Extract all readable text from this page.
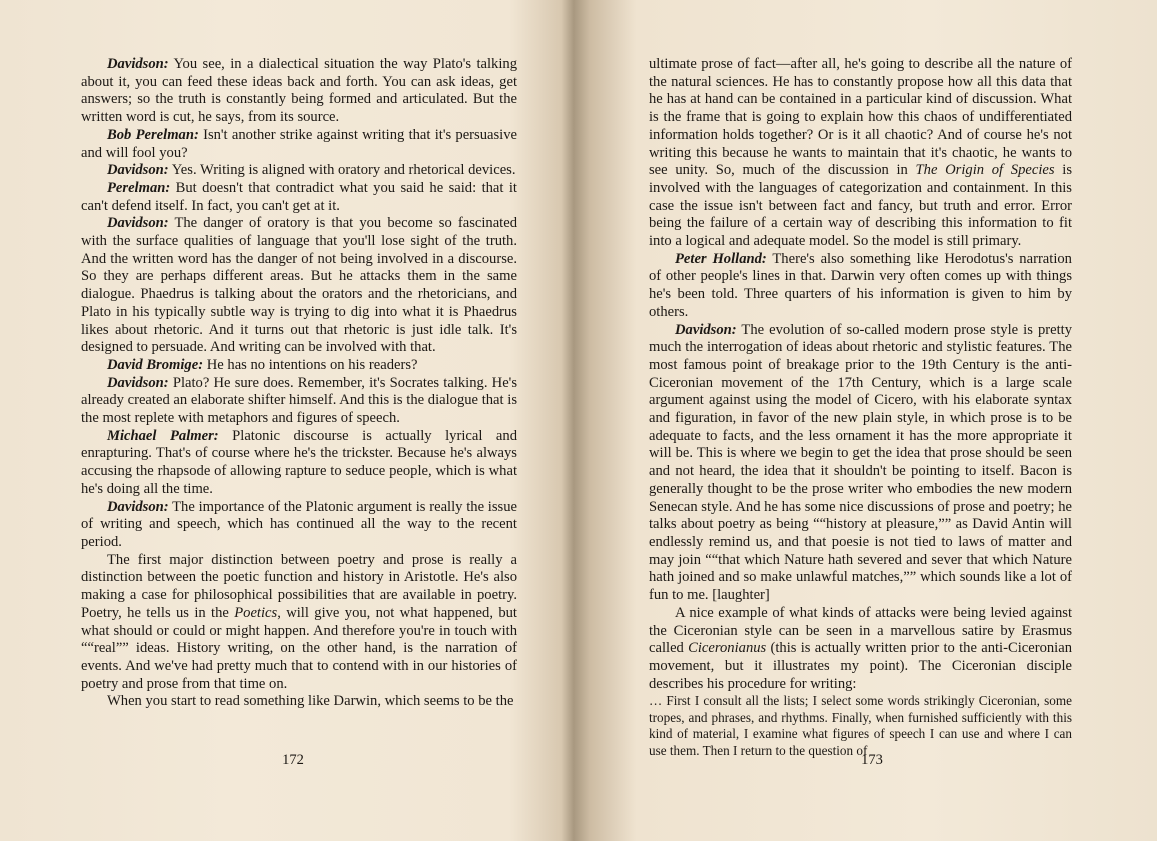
Davidson: You see, in a dialectical situation the way Plato's talking about it, you can feed these ideas back and forth. You can ask ideas, get answers; so the truth is constantly being formed and articulated. But the written word is cut, he says, from its source.

Bob Perelman: Isn't another strike against writing that it's persuasive and will fool you?

Davidson: Yes. Writing is aligned with oratory and rhetorical devices.

Perelman: But doesn't that contradict what you said he said: that it can't defend itself. In fact, you can't get at it.

Davidson: The danger of oratory is that you become so fascinated with the surface qualities of language that you'll lose sight of the truth. And the written word has the danger of not being involved in a discourse. So they are perhaps different areas. But he attacks them in the same dialogue. Phaedrus is talking about the orators and the rhetoricians, and Plato in his typically subtle way is trying to dig into what it is Phaedrus likes about rhetoric. And it turns out that rhetoric is just idle talk. It's designed to persuade. And writing can be involved with that.

David Bromige: He has no intentions on his readers?

Davidson: Plato? He sure does. Remember, it's Socrates talking. He's already created an elaborate shifter himself. And this is the dialogue that is the most replete with metaphors and figures of speech.

Michael Palmer: Platonic discourse is actually lyrical and enrapturing. That's of course where he's the trickster. Because he's always accusing the rhapsode of allowing rapture to seduce people, which is what he's doing all the time.

Davidson: The importance of the Platonic argument is really the issue of writing and speech, which has continued all the way to the recent period.

The first major distinction between poetry and prose is really a distinction between the poetic function and history in Aristotle. He's also making a case for philosophical possibilities that are available in poetry. Poetry, he tells us in the Poetics, will give you, not what happened, but what should or could or might happen. And therefore you're in touch with ““real”” ideas. History writing, on the other hand, is the narration of events. And we've had pretty much that to contend with in our histories of poetry and prose from that time on.

When you start to read something like Darwin, which seems to be the

172

ultimate prose of fact—after all, he's going to describe all the nature of the natural sciences. He has to constantly propose how all this data that he has at hand can be contained in a particular kind of discussion. What is the frame that is going to explain how this chaos of undifferentiated information holds together? Or is it all chaotic? And of course he's not writing this because he wants to maintain that it's chaotic, he wants to see unity. So, much of the discussion in The Origin of Species is involved with the languages of categorization and containment. In this case the issue isn't between fact and fancy, but truth and error. Error being the failure of a certain way of describing this information to fit into a logical and adequate model. So the model is still primary.

Peter Holland: There's also something like Herodotus's narration of other people's lines in that. Darwin very often comes up with things he's been told. Three quarters of his information is given to him by others.

Davidson: The evolution of so-called modern prose style is pretty much the interrogation of ideas about rhetoric and stylistic features. The most famous point of breakage prior to the 19th Century is the anti-Ciceronian movement of the 17th Century, which is a large scale argument against using the model of Cicero, with his elaborate syntax and figuration, in favor of the new plain style, in which prose is to be adequate to facts, and the less ornament it has the more appropriate it will be. This is where we begin to get the idea that prose should be seen and not heard, the idea that it shouldn't be pointing to itself. Bacon is generally thought to be the prose writer who embodies the new modern Senecan style. And he has some nice discussions of prose and poetry; he talks about poetry as being ““history at pleasure,”” as David Antin will endlessly remind us, and that poesie is not tied to laws of matter and may join ““that which Nature hath severed and sever that which Nature hath joined and so make unlawful matches,”” which sounds like a lot of fun to me. [laughter]

A nice example of what kinds of attacks were being levied against the Ciceronian style can be seen in a marvellous satire by Erasmus called Ciceronianus (this is actually written prior to the anti-Ciceronian movement, but it illustrates my point). The Ciceronian disciple describes his procedure for writing:

… First I consult all the lists; I select some words strikingly Ciceronian, some tropes, and phrases, and rhythms. Finally, when furnished sufficiently with this kind of material, I examine what figures of speech I can use and where I can use them. Then I return to the question of

173
